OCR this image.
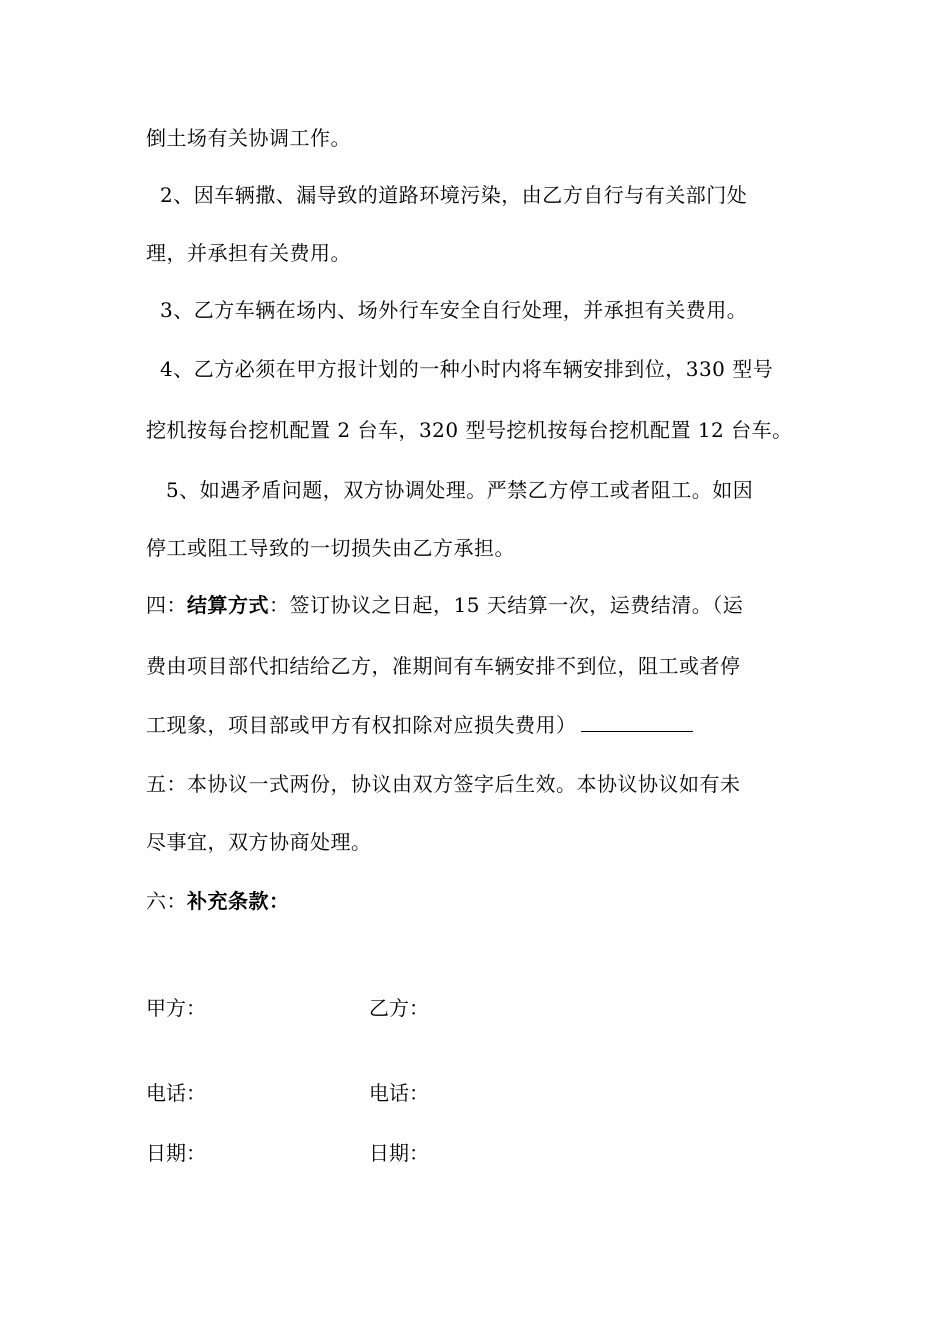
倒土场有关协调工作。
2、因车辆撒、漏导致的道路环境污染，由乙方自行与有关部门处
理，并承担有关费用。
3、乙方车辆在场内、场外行车安全自行处理，并承担有关费用。
4、乙方必须在甲方报计划的一种小时内将车辆安排到位，330 型号
挖机按每台挖机配置 2 台车，320 型号挖机按每台挖机配置 12 台车。
5、如遇矛盾问题，双方协调处理。严禁乙方停工或者阻工。如因
停工或阻工导致的一切损失由乙方承担。
四：结算方式：签订协议之日起，15 天结算一次，运费结清。（运
费由项目部代扣结给乙方，准期间有车辆安排不到位，阻工或者停
工现象，项目部或甲方有权扣除对应损失费用）
五：本协议一式两份，协议由双方签字后生效。本协议协议如有未
尽事宜，双方协商处理。
六：补充条款：
甲方：	乙方：
电话：	电话：
日期：	日期：
